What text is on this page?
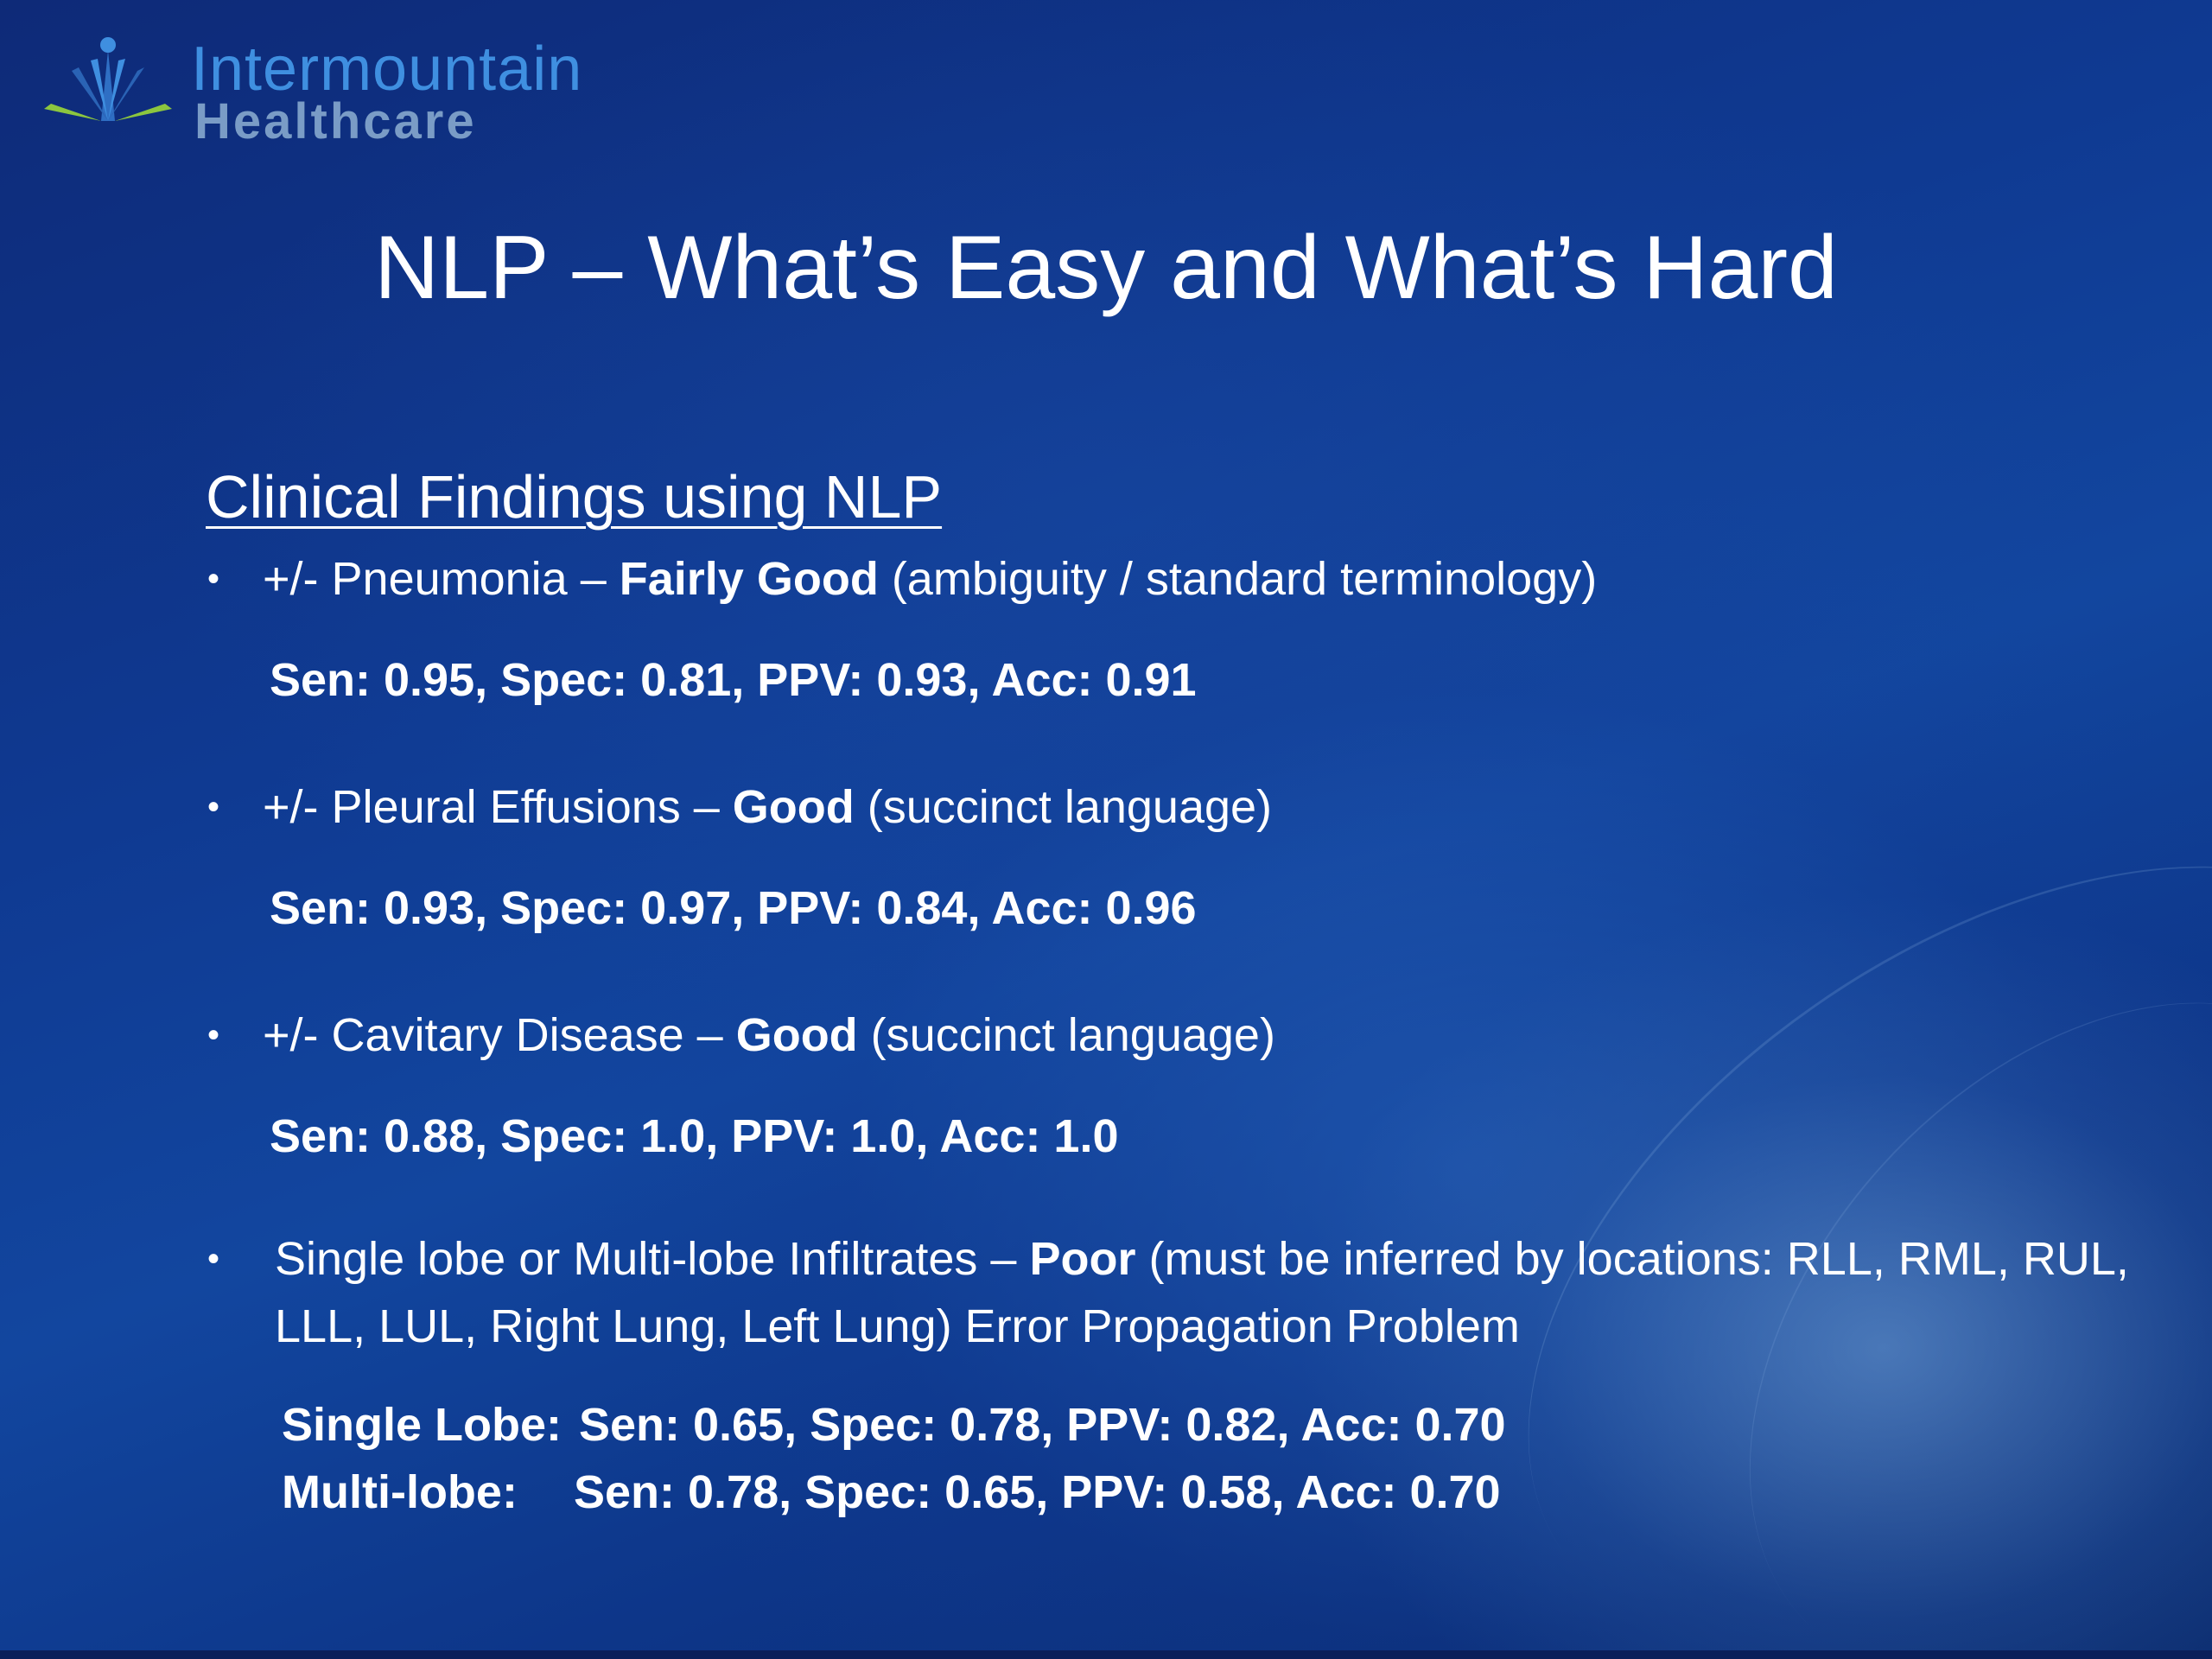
Intermountain
Healthcare
NLP – What’s Easy and What’s Hard
Clinical Findings using NLP
• +/- Pneumonia – Fairly Good (ambiguity / standard terminology)
Sen: 0.95, Spec: 0.81, PPV: 0.93, Acc: 0.91
• +/- Pleural Effusions – Good (succinct language)
Sen: 0.93, Spec: 0.97, PPV: 0.84, Acc: 0.96
• +/- Cavitary Disease – Good (succinct language)
Sen: 0.88, Spec: 1.0, PPV: 1.0, Acc: 1.0
• Single lobe or Multi-lobe Infiltrates – Poor (must be inferred by locations: RLL, RML, RUL, LLL, LUL, Right Lung, Left Lung) Error Propagation Problem
Single Lobe: Sen: 0.65, Spec: 0.78, PPV: 0.82, Acc: 0.70
Multi-lobe: Sen: 0.78, Spec: 0.65, PPV: 0.58, Acc: 0.70
